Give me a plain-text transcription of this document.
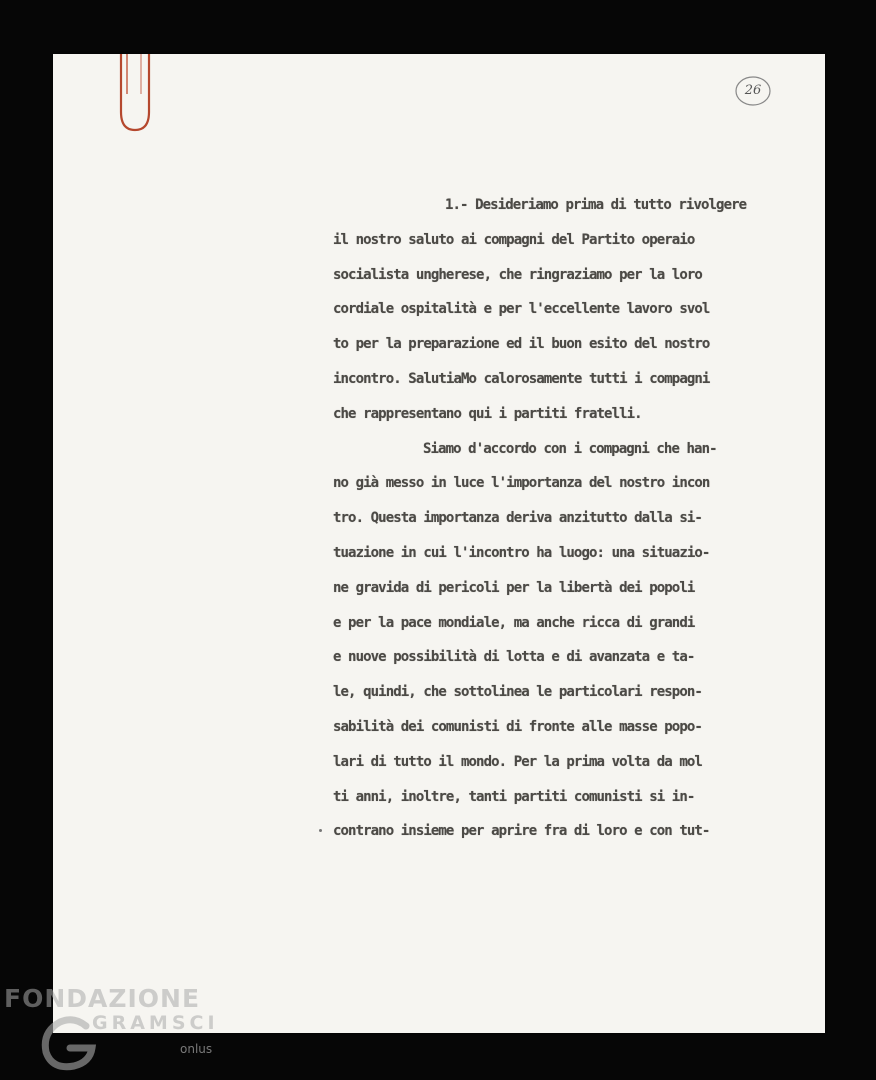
26
1.- Desideriamo prima di tutto rivolgere
il nostro saluto ai compagni del Partito operaio
socialista ungherese, che ringraziamo per la loro
cordiale ospitalità e per l'eccellente lavoro svol
to per la preparazione ed il buon esito del nostro
incontro. SalutiaMo calorosamente tutti i compagni
che rappresentano qui i partiti fratelli.
Siamo d'accordo con i compagni che han-
no già messo in luce l'importanza del nostro incon
tro. Questa importanza deriva anzitutto dalla si-
tuazione in cui l'incontro ha luogo: una situazio-
ne gravida di pericoli per la libertà dei popoli
e per la pace mondiale, ma anche ricca di grandi
e nuove possibilità di lotta e di avanzata e ta-
le, quindi, che sottolinea le particolari respon-
sabilità dei comunisti di fronte alle masse popo-
lari di tutto il mondo. Per la prima volta da mol
ti anni, inoltre, tanti partiti comunisti si in-
contrano insieme per aprire fra di loro e con tut-
FONDAZIONE
GRAMSCI
onlus
